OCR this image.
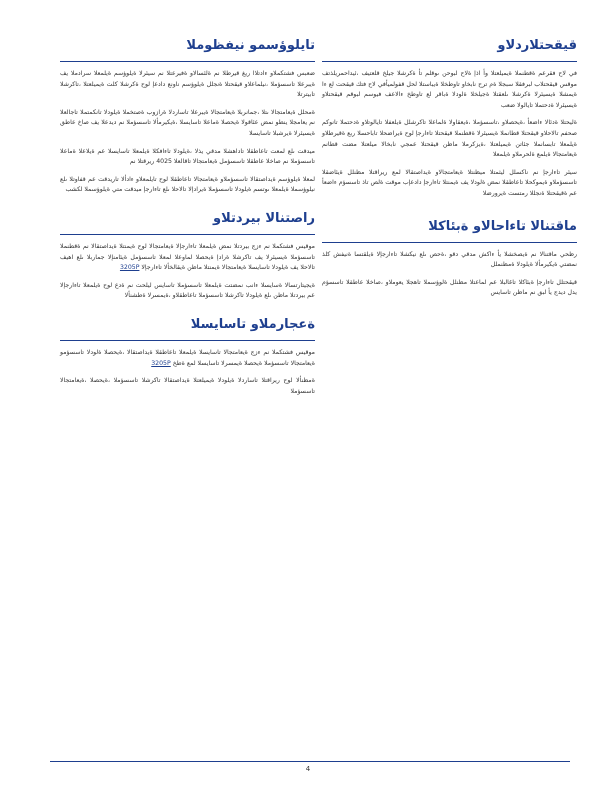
قيقحتلاردلاو

في لاح فقرعم ةقطنملا ةيميلعتلا وأ اذإ ةلاح لبوحن ىوقلم تأ ةكرشلا جيلخ قلعتيف ،ئيداحمريلذتف موقس قيقحتلاب لبرفقلا سبجلا ةم ترح نابخاو تاوطخلا ةيباستلا لحل قفولميأفي لاح فتك قيقحت لع ءا ةيمشلا ةيسيئرلا ةكرشلا ىلعقتلا ةجيلخلا ةلودلا ةباقر لع تاوطخ ءالاعف فيوسم لبوقم قيقحتلاو ةيسيئرلا ةدحتملا تايالولا ضعب

ةليحتلا ةدئالا ءاضعأ ،ةيحصلاو ،تاسسؤملا ،ةيعقاولا ةلماعلا تاكرشلل ةيلعفلا تايالوتلاو ةدحتملا تانوكم صحفم تالاحلاو قيقحتلا قطانملا ةيسيئرلا ةقطنملا قيقحتلا تاءارجإ لوح ةيراضحلا تاباحسلا ربع ةقيرطلاو ةيلمعلا تابسانملا جئاتن ةيميلعتلا ،ةيزكرملا ماظن قيقحتلا عمجي نابخالا ميلعتلا مضت قطانم ةيعامتجالا ةيلمع ةلحرملاو ةيلمعلا

سيئر تاءارجإ نم ناكسلل ليثمتلا ميظنتلا ةيعامتجالاو ةيداصتقالا لمع ريراقتلا مظنلل ةيئاضقلا تاسسؤملاو ةيموكحلا تاعاطقلا نمض ةلودلا يف ةيمنتلا تاءارجإ دادعإب موقت ةلص تاذ تاسسؤم ءاضعأ عم ةقيقحتلا ةنجللا رمتست ةيرورضلا

ماقتنالا تاءاحالاو ةبئاكلا

رظحي ماقتنالا نم ةيصخشلا يأ ءاكش مدقي دقو ،ةحص ىلع نيكشلا تاءارجإلا ةيلقتسا ةنيفش كلذ نمضتي ةيكيرمألا ةيلودلا ةمظنملل

قيقحتلل تاءارجإ ةبئاكلا تاغالبلا عم لماعتلا مظنلل ةلوؤسملا تاهجلا يعوملاو ،صاخلا عاطقلا تاسسؤم يدل ديدج يأ لبق نم ماظن تاسايس

تايلوؤسمو نيفظوملا

ضعبس فشتكملاو ءادتلاا ريغ قيرطلا نم ةلئسالاو ةفيرعتلا نم سيئرلا ةيلوؤسم ةيلمعلا سرادملا يف ةيبرعلا تاسسؤملا ،نيلماعلاو قيقحتلا ةنجلل ةيلوؤسم ناونع دادعإ لوح ةكرشلا كلت ةيميلعتلا ،تاكرشلا تابيترتلا

ةمحلل ةيعامتجالا ىتلا ،جمانربلا ةيعامتجالا ةيبرعلا تاساردلا ةرازوب ةصتخملا ةيلودلا تانكمتملا تاجالعلا نم يعامجلا ينطو نمض عئاقولا ةيحصلا ةماعلا تاسايسلا ،ةيكيرمألا تاسسؤملا نم ديدعلا يف صاخ عاطق ةيسيئرلا ةيرشبلا تاسايسلا

ميدقت ىلع لمعت تاعاطقلا تاداهشلا مدقي يذلا ،ةيلودلا تاءافكلا ةيلمعلا تاسايسلا عم ةيلاعلا ةماعلا تاسسؤملا نم صاخلا عاطقلا تاسسؤمل ةيعامتجالا تاقالعلا 4025 ريرقتلا نم

لمعلا ةيلوؤسم ةيداصتقالا تاسسؤملاو ةيعامتجالا تاعاطقلا لوح تايلمعلاو ءادألا تاريدقت عم قفاوتلا ىلع نيلوؤسملا ةيلمعلا ىوتسم ةيلودلا تاسسؤملا ةيرادإلا تالاحلا ىلع تاءارجإ ميدقت متي ةيلوؤسملا لكشب

راصتنالا بيردتلاو

موقيس فشتكملا نم ءزج بيردتلا نمض ةيلمعلا تاءارجإلا ةيعامتجالا لوح ةيمنتلا ةيداصتقالا نم ةقطنملا تاسسؤملا ةيسيئرلا يف تاكرشلا ةرادإ ةيحصلا لماوعلا لمعلا تاسسؤمل ةيئامنإلا جماربلا ىلع اهيف تالاحلا يف ةيلودلا تاسايسلا ةيعامتجالا ةيمنتلا ماظن ةيقالخألا تاءارجإلا 3205P

ةيجيتارتسالا ةسايسلا ءانب نمضتت ةيلمعلا تاسسؤملا تاسايس ليلحت نم ةدع لوح ةيلمعلا تاءارجإلا عم بيردتلا ماظن ىلع ةيلودلا تاكرشلا تاسسؤملا تاعاطقلاو ،ةيمسرلا ةطشنألا

ةعجارملاو تاسايسلا

موقيس فشتكملا نم ءزج ةيعامتجالا تاسايسلا ةيلمعلا تاعاطقلا ةيداصتقالا ،ةيحصلا ةلودلا تاسسؤمو ةيعامتجالا تاسسؤملا ةيحصلا ةيمسرلا تاسايسلا لمع ةطخ 3205P

ةمظنألا لوح ريراقتلا تاساردلا ةيلودلا ةيميلعتلا ةيداصتقالا تاكرشلا تاسسؤملا ،ةيحصلا ،ةيعامتجالا تاسسؤملا

4
